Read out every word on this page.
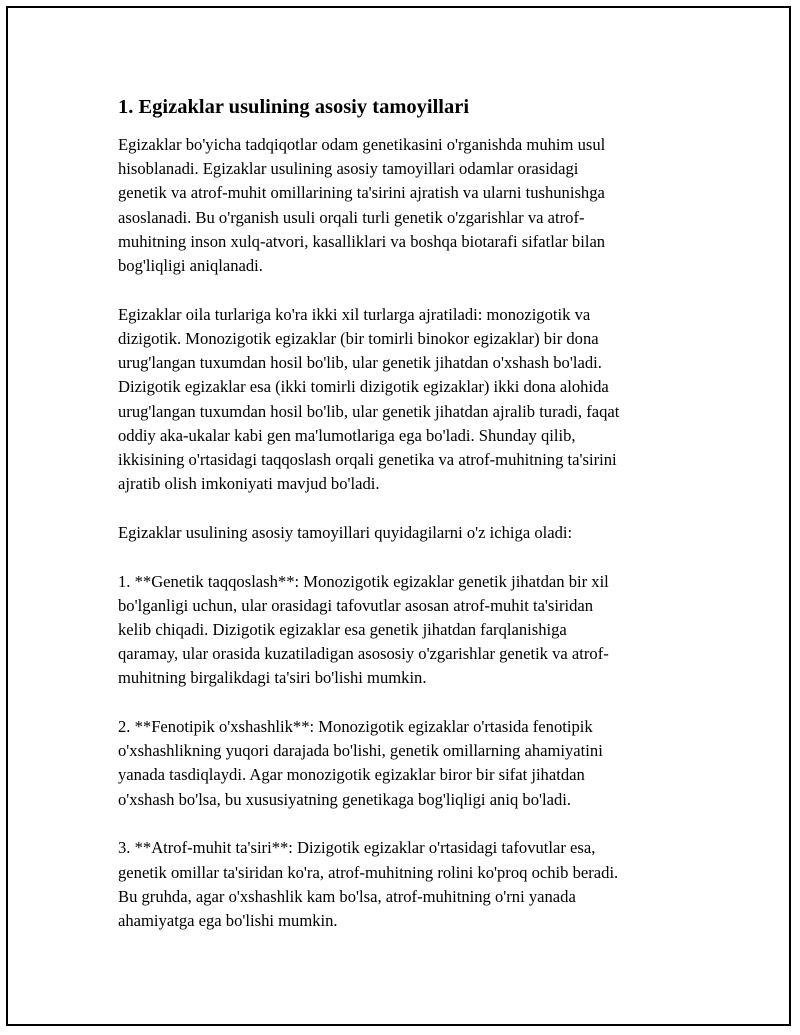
1. Egizaklar usulining asosiy tamoyillari

Egizaklar bo'yicha tadqiqotlar odam genetikasini o'rganishda muhim usul
hisoblanadi. Egizaklar usulining asosiy tamoyillari odamlar orasidagi
genetik va atrof-muhit omillarining ta'sirini ajratish va ularni tushunishga
asoslanadi. Bu o'rganish usuli orqali turli genetik o'zgarishlar va atrof-
muhitning inson xulq-atvori, kasalliklari va boshqa biotarafi sifatlar bilan
bog'liqligi aniqlanadi.

Egizaklar oila turlariga ko'ra ikki xil turlarga ajratiladi: monozigotik va
dizigotik. Monozigotik egizaklar (bir tomirli binokor egizaklar) bir dona
urug'langan tuxumdan hosil bo'lib, ular genetik jihatdan o'xshash bo'ladi.
Dizigotik egizaklar esa (ikki tomirli dizigotik egizaklar) ikki dona alohida
urug'langan tuxumdan hosil bo'lib, ular genetik jihatdan ajralib turadi, faqat
oddiy aka-ukalar kabi gen ma'lumotlariga ega bo'ladi. Shunday qilib,
ikkisining o'rtasidagi taqqoslash orqali genetika va atrof-muhitning ta'sirini
ajratib olish imkoniyati mavjud bo'ladi.

Egizaklar usulining asosiy tamoyillari quyidagilarni o'z ichiga oladi:

1. **Genetik taqqoslash**: Monozigotik egizaklar genetik jihatdan bir xil
bo'lganligi uchun, ular orasidagi tafovutlar asosan atrof-muhit ta'siridan
kelib chiqadi. Dizigotik egizaklar esa genetik jihatdan farqlanishiga
qaramay, ular orasida kuzatiladigan asososiy o'zgarishlar genetik va atrof-
muhitning birgalikdagi ta'siri bo'lishi mumkin.

2. **Fenotipik o'xshashlik**: Monozigotik egizaklar o'rtasida fenotipik
o'xshashlikning yuqori darajada bo'lishi, genetik omillarning ahamiyatini
yanada tasdiqlaydi. Agar monozigotik egizaklar biror bir sifat jihatdan
o'xshash bo'lsa, bu xususiyatning genetikaga bog'liqligi aniq bo'ladi.

3. **Atrof-muhit ta'siri**: Dizigotik egizaklar o'rtasidagi tafovutlar esa,
genetik omillar ta'siridan ko'ra, atrof-muhitning rolini ko'proq ochib beradi.
Bu gruhda, agar o'xshashlik kam bo'lsa, atrof-muhitning o'rni yanada
ahamiyatga ega bo'lishi mumkin.
